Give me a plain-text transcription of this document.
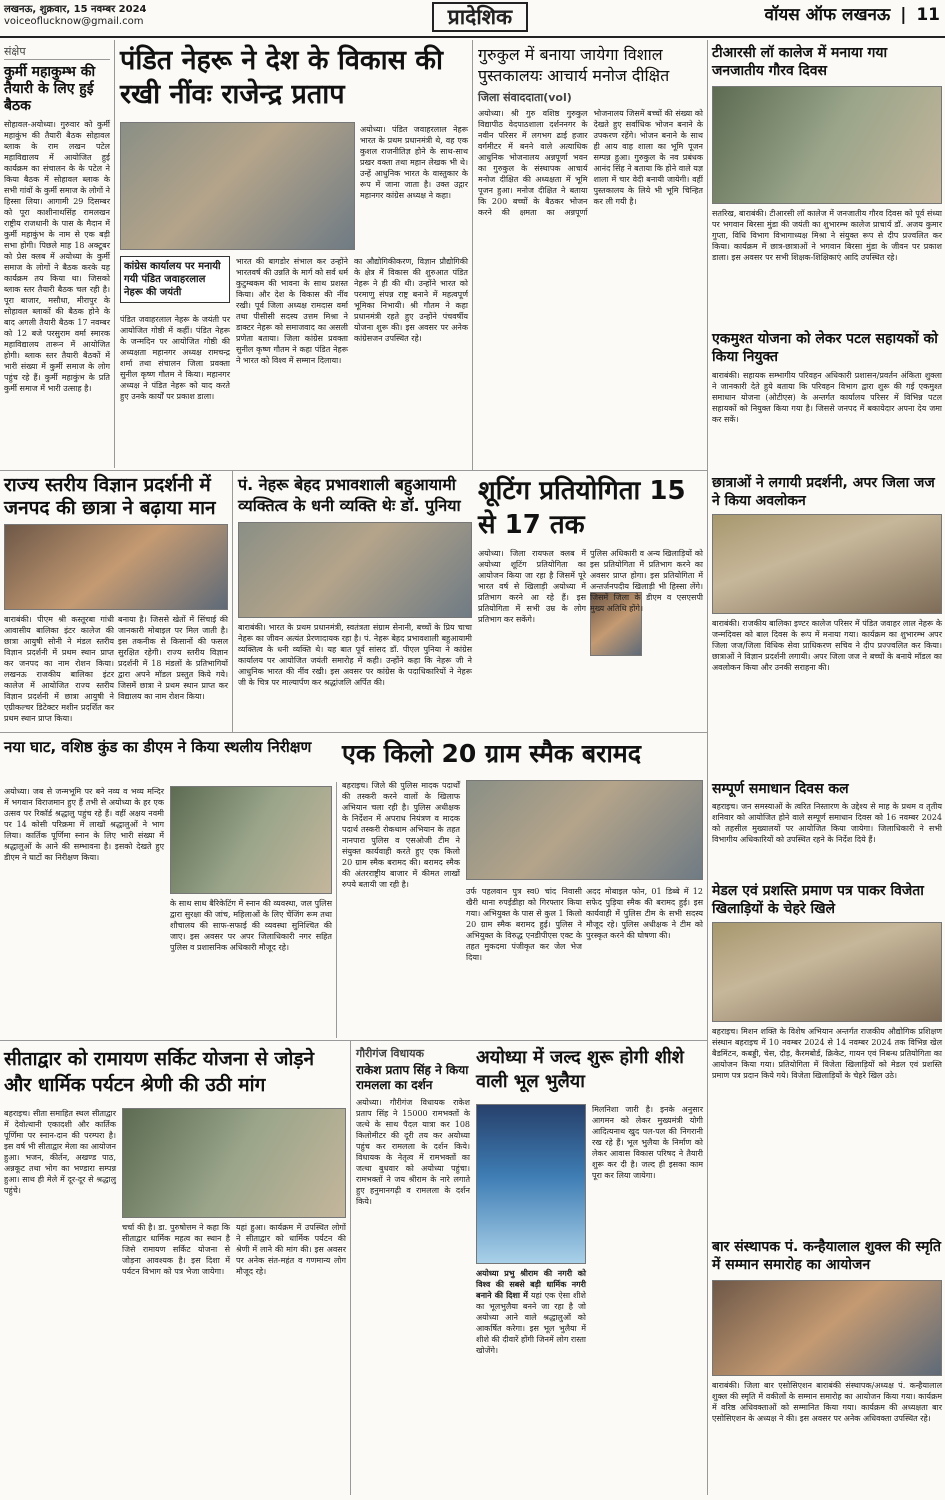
लखनऊ, शुक्रवार, 15 नवम्बर 2024
voiceoflucknow@gmail.com	प्रादेशिक	वॉयस ऑफ लखनऊ | 11
संक्षेप
कुर्मी महाकुम्भ की तैयारी के लिए हुई बैठक
सोहावल-अयोध्या। गुरुवार को कुर्मी महाकुंभ की तैयारी बैठक सोहावल ब्लाक के राम लखन पटेल महाविद्यालय में आयोजित हुई कार्यक्रम का संचालन के के पटेल ने किया बैठक में सोहावल ब्लाक के सभी गांवों के कुर्मी समाज के लोगों ने हिस्सा लिया। आगामी 29 दिसम्बर को पूरा काशीनाथसिंह रामलखन राष्ट्रीय राजधानी के पास के मैदान में कुर्मी महाकुंभ के नाम से एक बड़ी सभा होगी। पिछले माह 18 अक्टूबर को प्रेस क्लब में अयोध्या के कुर्मी समाज के लोगों ने बैठक करके यह कार्यक्रम तय किया था। जिसको ब्लाक स्तर तैयारी बैठक चल रही है। पूरा बाजार, मसौधा, मीरापुर के सोहावल ब्लाकों की बैठक होने के बाद अगली तैयारी बैठक 17 नवम्बर को 12 बजे परसुराम वर्मा स्मारक महाविद्यालय तारून में आयोजित होगी। ब्लाक स्तर तैयारी बैठकों में भारी संख्या में कुर्मी समाज के लोग पहुंच रहे हैं। कुर्मी महाकुंभ के प्रति कुर्मी समाज में भारी उत्साह है।
पंडित नेहरू ने देश के विकास की रखी नींवः राजेन्द्र प्रताप
अयोध्या। पंडित जवाहरलाल नेहरू भारत के प्रथम प्रधानमंत्री थे, वह एक कुशल राजनीतिज्ञ होने के साथ-साथ प्रखर वक्ता तथा महान लेखक भी थे। उन्हें आधुनिक भारत के वास्तुकार के रूप में जाना जाता है। उक्त उद्गार महानगर कांग्रेस अध्यक्ष ने कहा।
कांग्रेस कार्यालय पर मनायी गयी पंडित जवाहरलाल नेहरू की जयंती
पंडित जवाहरलाल नेहरू के जयंती पर आयोजित गोष्ठी में कहीं। पंडित नेहरू के जन्मदिन पर आयोजित गोष्ठी की अध्यक्षता महानगर अध्यक्ष रामचन्द्र शर्मा तथा संचालन जिला प्रवक्ता सुनील कृष्ण गौतम ने किया। महानगर अध्यक्ष ने पंडित नेहरू को याद करते हुए उनके कार्यों पर प्रकाश डाला।
भारत की बागडोर संभाल कर उन्होंने भारतवर्ष की उन्नति के मार्ग को सर्व धर्म कुटुम्बकम की भावना के साथ प्रशस्त किया। और देश के विकास की नींव रखी। पूर्व जिला अध्यक्ष रामदास वर्मा तथा पीसीसी सदस्य उत्तम मिश्रा ने डाक्टर नेहरू को समाजवाद का असली प्रणेता बताया। जिला कांग्रेस प्रवक्ता सुनील कृष्ण गौतम ने कहा पंडित नेहरू ने भारत को विश्व में सम्मान दिलाया।
का औद्योगिकीकरण, विज्ञान प्रौद्योगिकी के क्षेत्र में विकास की शुरुआत पंडित नेहरू ने ही की थी। उन्होंने भारत को परमाणु संपन्न राष्ट्र बनाने में महत्वपूर्ण भूमिका निभायी। श्री गौतम ने कहा प्रधानमंत्री रहते हुए उन्होंने पंचवर्षीय योजना शुरू की। इस अवसर पर अनेक कांग्रेसजन उपस्थित रहे।
गुरुकुल में बनाया जायेगा विशाल पुस्तकालयः आचार्य मनोज दीक्षित
जिला संवाददाता(vol)
अयोध्या। श्री गुरु वशिष्ठ गुरुकुल विद्यापीठ वेदपाठशाला दर्शननगर के नवीन परिसर में लगभग ढाई हजार वर्गमीटर में बनने वाले अत्याधिक आधुनिक भोजनालय अन्नपूर्णा भवन का गुरुकुल के संस्थापक आचार्य मनोज दीक्षित की अध्यक्षता में भूमि पूजन हुआ। मनोज दीक्षित ने बताया कि 200 बच्चों के बैठकर भोजन करने की क्षमता का अन्नपूर्णा भोजनालय जिसमें बच्चों की संख्या को देखते हुए सर्वाधिक भोजन बनाने के उपकरण रहेंगे। भोजन बनाने के साथ ही आय वाह शाला का भूमि पूजन सम्पन्न हुआ। गुरुकुल के नव प्रबंधक आनंद सिंह ने बताया कि होने वाले यज्ञ शाला में चार वेदी बनायी जायेगी। वहीं पुस्तकालय के लिये भी भूमि चिन्हित कर ली गयी है।
टीआरसी लॉ कालेज में मनाया गया जनजातीय गौरव दिवस
सतरिख, बाराबंकी। टीआरसी लॉ कालेज में जनजातीय गौरव दिवस को पूर्व संध्या पर भगवान बिरसा मुंडा की जयंती का शुभारम्भ कालेज प्राचार्य डॉ. अजय कुमार गुप्ता, विधि विभाग विभागाध्यक्ष मिश्रा ने संयुक्त रूप से दीप प्रज्वलित कर किया। कार्यक्रम में छात्र-छात्राओं ने भगवान बिरसा मुंडा के जीवन पर प्रकाश डाला। इस अवसर पर सभी शिक्षक-शिक्षिकाएं आदि उपस्थित रहे।
एकमुश्त योजना को लेकर पटल सहायकों को किया नियुक्त
बाराबंकी। सहायक सम्भागीय परिवहन अधिकारी प्रशासन/प्रवर्तन अंकिता शुक्ला ने जानकारी देते हुये बताया कि परिवहन विभाग द्वारा शुरू की गई एकमुश्त समाधान योजना (ओटीएस) के अन्तर्गत कार्यालय परिसर में विभिन्न पटल सहायकों को नियुक्त किया गया है। जिससे जनपद में बकायेदार अपना देय जमा कर सकें।
छात्राओं ने लगायी प्रदर्शनी, अपर जिला जज ने किया अवलोकन
बाराबंकी। राजकीय बालिका इण्टर कालेज परिसर में पंडित जवाहर लाल नेहरू के जन्मदिवस को बाल दिवस के रूप में मनाया गया। कार्यक्रम का शुभारम्भ अपर जिला जज/जिला विधिक सेवा प्राधिकरण सचिव ने दीप प्रज्ज्वलित कर किया। छात्राओं ने विज्ञान प्रदर्शनी लगायी। अपर जिला जज ने बच्चों के बनाये मॉडल का अवलोकन किया और उनकी सराहना की।
राज्य स्तरीय विज्ञान प्रदर्शनी में जनपद की छात्रा ने बढ़ाया मान
बाराबंकी। पीएम श्री कस्तूरबा गांधी आवासीय बालिका इंटर कालेज की छात्रा आयुषी सोनी ने मंडल स्तरीय विज्ञान प्रदर्शनी में प्रथम स्थान प्राप्त कर जनपद का नाम रोशन किया। लखनऊ राजकीय बालिका इंटर कालेज में आयोजित राज्य स्तरीय विज्ञान प्रदर्शनी में छात्रा आयुषी ने एग्रीकल्चर डिटेक्टर मशीन प्रदर्शित कर प्रथम स्थान प्राप्त किया।
बनाया है। जिससे खेतों में सिंचाई की जानकारी मोबाइल पर मिल जाती है। इस तकनीक से किसानों की फसल सुरक्षित रहेगी। राज्य स्तरीय विज्ञान प्रदर्शनी में 18 मंडलों के प्रतिभागियों द्वारा अपने मॉडल प्रस्तुत किये गये। जिसमें छात्रा ने प्रथम स्थान प्राप्त कर विद्यालय का नाम रोशन किया।
पं. नेहरू बेहद प्रभावशाली बहुआयामी व्यक्तित्व के धनी व्यक्ति थेः डॉ. पुनिया
बाराबंकी। भारत के प्रथम प्रधानमंत्री, स्वतंत्रता संग्राम सेनानी, बच्चों के प्रिय चाचा नेहरू का जीवन अत्यंत प्रेरणादायक रहा है। पं. नेहरू बेहद प्रभावशाली बहुआयामी व्यक्तित्व के धनी व्यक्ति थे। यह बात पूर्व सांसद डॉ. पीएल पुनिया ने कांग्रेस कार्यालय पर आयोजित जयंती समारोह में कही। उन्होंने कहा कि नेहरू जी ने आधुनिक भारत की नींव रखी। इस अवसर पर कांग्रेस के पदाधिकारियों ने नेहरू जी के चित्र पर माल्यार्पण कर श्रद्धांजलि अर्पित की।
शूटिंग प्रतियोगिता 15 से 17 तक
अयोध्या। जिला रायफल क्लब में अयोध्या शूटिंग प्रतियोगिता का आयोजन किया जा रहा है जिसमें पूरे भारत वर्ष से खिलाड़ी अयोध्या में प्रतिभाग करने आ रहे हैं। इस प्रतियोगिता में सभी उम्र के लोग प्रतिभाग कर सकेंगे।
पुलिस अधिकारी व अन्य खिलाड़ियों को इस प्रतियोगिता में प्रतिभाग करने का अवसर प्राप्त होगा। इस प्रतियोगिता में अन्तर्जनपदीय खिलाड़ी भी हिस्सा लेंगे। जिसमें जिला के डीएम व एसएसपी मुख्य अतिथि होंगे।
नया घाट, वशिष्ठ कुंड का डीएम ने किया स्थलीय निरीक्षण
अयोध्या। जब से जन्मभूमि पर बने नव्य व भव्य मन्दिर में भगवान विराजमान हुए हैं तभी से अयोध्या के हर एक उत्सव पर रिकॉर्ड श्रद्धालु पहुंच रहे हैं। वहीं अक्षय नवमी पर 14 कोसी परिक्रमा में लाखों श्रद्धालुओं ने भाग लिया। कार्तिक पूर्णिमा स्नान के लिए भारी संख्या में श्रद्धालुओं के आने की सम्भावना है। इसको देखते हुए डीएम ने घाटों का निरीक्षण किया।
के साथ साथ बैरिकेटिंग में स्नान की व्यवस्था, जल पुलिस द्वारा सुरक्षा की जांच, महिलाओं के लिए चेंजिंग रूम तथा शौचालय की साफ-सफाई की व्यवस्था सुनिश्चित की जाए। इस अवसर पर अपर जिलाधिकारी नगर सहित पुलिस व प्रशासनिक अधिकारी मौजूद रहे।
एक किलो 20 ग्राम स्मैक बरामद
बहराइच। जिले की पुलिस मादक पदार्थों की तस्करी करने वालों के खिलाफ अभियान चला रही है। पुलिस अधीक्षक के निर्देशन में अपराध नियंत्रण व मादक पदार्थ तस्करी रोकथाम अभियान के तहत नानपारा पुलिस व एसओजी टीम ने संयुक्त कार्यवाही करते हुए एक किलो 20 ग्राम स्मैक बरामद की। बरामद स्मैक की अंतरराष्ट्रीय बाजार में कीमत लाखों रुपये बतायी जा रही है।
उर्फ पहलवान पुत्र स्व0 चांद निवासी खैरी थाना रुपईडीहा को गिरफ्तार किया गया। अभियुक्त के पास से कुल 1 किलो 20 ग्राम स्मैक बरामद हुई। पुलिस ने अभियुक्त के विरुद्ध एनडीपीएस एक्ट के तहत मुकदमा पंजीकृत कर जेल भेज दिया।
अदद मोबाइल फोन, 01 डिब्बे में 12 सफेद पुड़िया स्मैक की बरामद हुई। इस कार्यवाही में पुलिस टीम के सभी सदस्य मौजूद रहे। पुलिस अधीक्षक ने टीम को पुरस्कृत करने की घोषणा की।
सम्पूर्ण समाधान दिवस कल
बहराइच। जन समस्याओं के त्वरित निस्तारण के उद्देश्य से माह के प्रथम व तृतीय शनिवार को आयोजित होने वाले सम्पूर्ण समाधान दिवस को 16 नवम्बर 2024 को तहसील मुख्यालयों पर आयोजित किया जायेगा। जिलाधिकारी ने सभी विभागीय अधिकारियों को उपस्थित रहने के निर्देश दिये हैं।
मेडल एवं प्रशस्ति प्रमाण पत्र पाकर विजेता खिलाड़ियों के चेहरे खिले
बहराइच। मिशन शक्ति के विशेष अभियान अन्तर्गत राजकीय औद्योगिक प्रशिक्षण संस्थान बहराइच में 10 नवम्बर 2024 से 14 नवम्बर 2024 तक विभिन्न खेल बैडमिंटन, कबड्डी, चेस, दौड़, कैरमबोर्ड, क्रिकेट, गायन एवं निबन्ध प्रतियोगिता का आयोजन किया गया। प्रतियोगिता में विजेता खिलाड़ियों को मेडल एवं प्रशस्ति प्रमाण पत्र प्रदान किये गये। विजेता खिलाड़ियों के चेहरे खिल उठे।
बार संस्थापक पं. कन्हैयालाल शुक्ल की स्मृति में सम्मान समारोह का आयोजन
बाराबंकी। जिला बार एसोसिएशन बाराबंकी संस्थापक/अध्यक्ष पं. कन्हैयालाल शुक्ल की स्मृति में वकीलों के सम्मान समारोह का आयोजन किया गया। कार्यक्रम में वरिष्ठ अधिवक्ताओं को सम्मानित किया गया। कार्यक्रम की अध्यक्षता बार एसोसिएशन के अध्यक्ष ने की। इस अवसर पर अनेक अधिवक्ता उपस्थित रहे।
सीताद्वार को रामायण सर्किट योजना से जोड़ने और धार्मिक पर्यटन श्रेणी की उठी मांग
बहराइच। सीता समाहित स्थल सीताद्वार में देवोत्थानी एकादशी और कार्तिक पूर्णिमा पर स्नान-दान की परम्परा है। इस वर्ष भी सीताद्वार मेला का आयोजन हुआ। भजन, कीर्तन, अखण्ड पाठ, अन्नकूट तथा भोग का भण्डारा सम्पन्न हुआ। साथ ही मेले में दूर-दूर से श्रद्धालु पहुंचे।
चर्चा की है। डा. पुरुषोत्तम ने कहा कि सीताद्वार धार्मिक महत्व का स्थान है जिसे रामायण सर्किट योजना से जोड़ना आवश्यक है। इस दिशा में पर्यटन विभाग को पत्र भेजा जायेगा।
यहां हुआ। कार्यक्रम में उपस्थित लोगों ने सीताद्वार को धार्मिक पर्यटन की श्रेणी में लाने की मांग की। इस अवसर पर अनेक संत-महंत व गणमान्य लोग मौजूद रहे।
गौरीगंज विधायक
राकेश प्रताप सिंह ने किया रामलला का दर्शन
अयोध्या। गौरीगंज विधायक राकेश प्रताप सिंह ने 15000 रामभक्तों के जत्थे के साथ पैदल यात्रा कर 108 किलोमीटर की दूरी तय कर अयोध्या पहुंच कर रामलला के दर्शन किये। विधायक के नेतृत्व में रामभक्तों का जत्था बुधवार को अयोध्या पहुंचा। रामभक्तों ने जय श्रीराम के नारे लगाते हुए हनुमानगढ़ी व रामलला के दर्शन किये।
अयोध्या में जल्द शुरू होगी शीशे वाली भूल भुलैया
अयोध्या प्रभु श्रीराम की नगरी को विश्व की सबसे बड़ी धार्मिक नगरी बनाने की दिशा में यहां एक ऐसा शीशे का भूलभुलैया बनने जा रहा है जो अयोध्या आने वाले श्रद्धालुओं को आकर्षित करेगा। इस भूल भुलैया में शीशे की दीवारें होंगी जिनमें लोग रास्ता खोजेंगे।
मिलनिशा जारी है। इनके अनुसार आगमन को लेकर मुख्यमंत्री योगी आदित्यनाथ खुद पल-पल की निगरानी रख रहे हैं। भूल भुलैया के निर्माण को लेकर आवास विकास परिषद ने तैयारी शुरू कर दी है। जल्द ही इसका काम पूरा कर लिया जायेगा।
